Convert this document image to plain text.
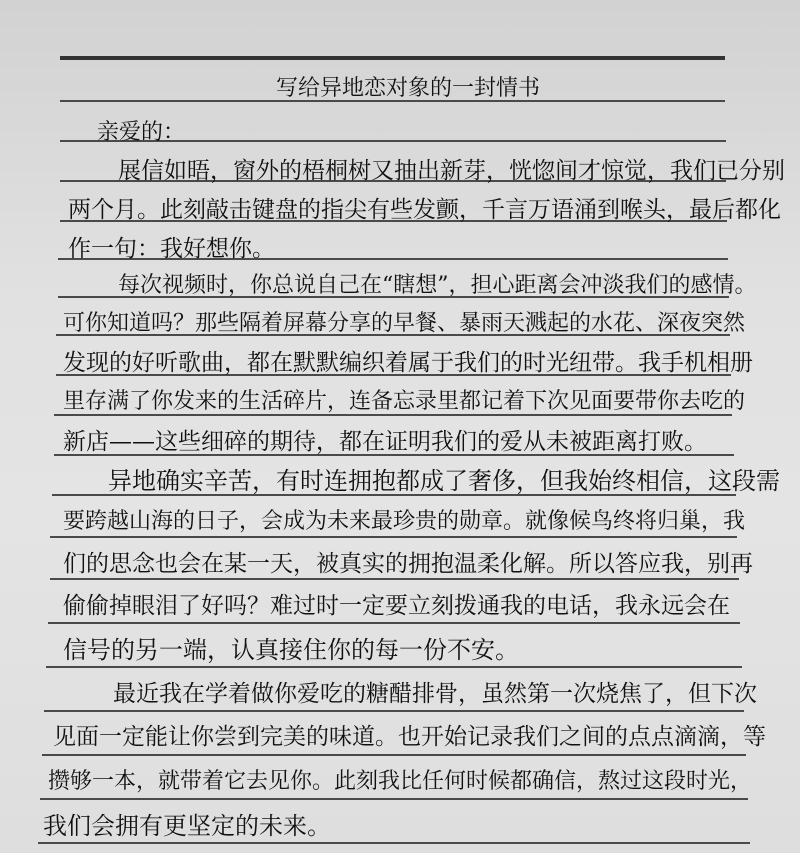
写给异地恋对象的一封情书
亲爱的：
展信如晤，窗外的梧桐树又抽出新芽，恍惚间才惊觉，我们已分别
两个月。此刻敲击键盘的指尖有些发颤，千言万语涌到喉头，最后都化
作一句：我好想你。
每次视频时，你总说自己在“瞎想”，担心距离会冲淡我们的感情。
可你知道吗？那些隔着屏幕分享的早餐、暴雨天溅起的水花、深夜突然
发现的好听歌曲，都在默默编织着属于我们的时光纽带。我手机相册
里存满了你发来的生活碎片，连备忘录里都记着下次见面要带你去吃的
新店——这些细碎的期待，都在证明我们的爱从未被距离打败。
异地确实辛苦，有时连拥抱都成了奢侈，但我始终相信，这段需
要跨越山海的日子，会成为未来最珍贵的勋章。就像候鸟终将归巢，我
们的思念也会在某一天，被真实的拥抱温柔化解。所以答应我，别再
偷偷掉眼泪了好吗？难过时一定要立刻拨通我的电话，我永远会在
信号的另一端，认真接住你的每一份不安。
最近我在学着做你爱吃的糖醋排骨，虽然第一次烧焦了，但下次
见面一定能让你尝到完美的味道。也开始记录我们之间的点点滴滴，等
攒够一本，就带着它去见你。此刻我比任何时候都确信，熬过这段时光，
我们会拥有更坚定的未来。
